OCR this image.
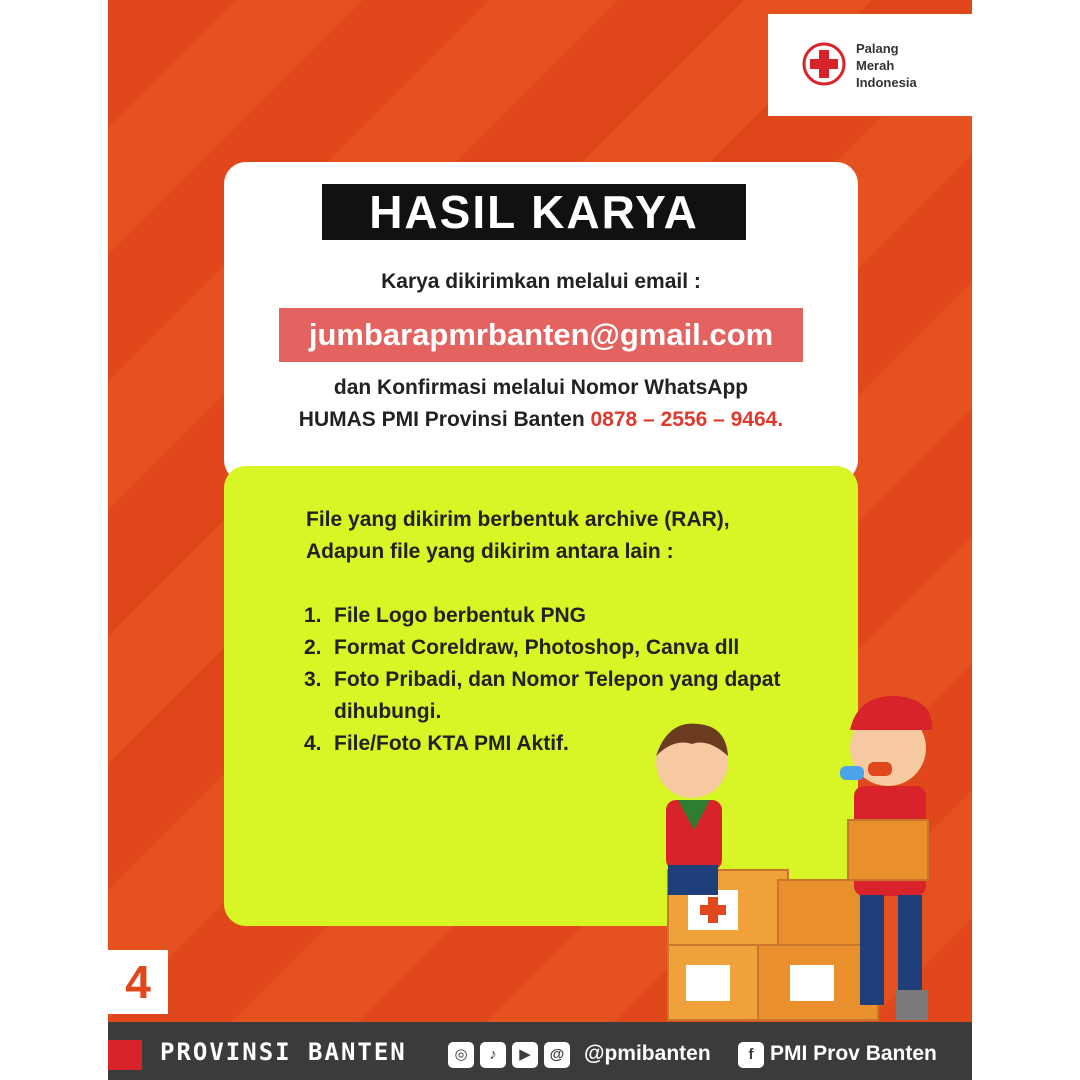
Palang
Merah
Indonesia
HASIL KARYA
Karya dikirimkan melalui email :
jumbarapmrbanten@gmail.com
dan Konfirmasi melalui Nomor WhatsApp
HUMAS PMI Provinsi Banten 0878 – 2556 – 9464.
File yang dikirim berbentuk archive (RAR),
Adapun file yang dikirim antara lain :
1. File Logo berbentuk PNG
2. Format Coreldraw, Photoshop, Canva dll
3. Foto Pribadi, dan Nomor Telepon yang dapat dihubungi.
4. File/Foto KTA PMI Aktif.
4
PROVINSI BANTEN	◎	♪	▶	@ @pmibanten	f PMI Prov Banten
